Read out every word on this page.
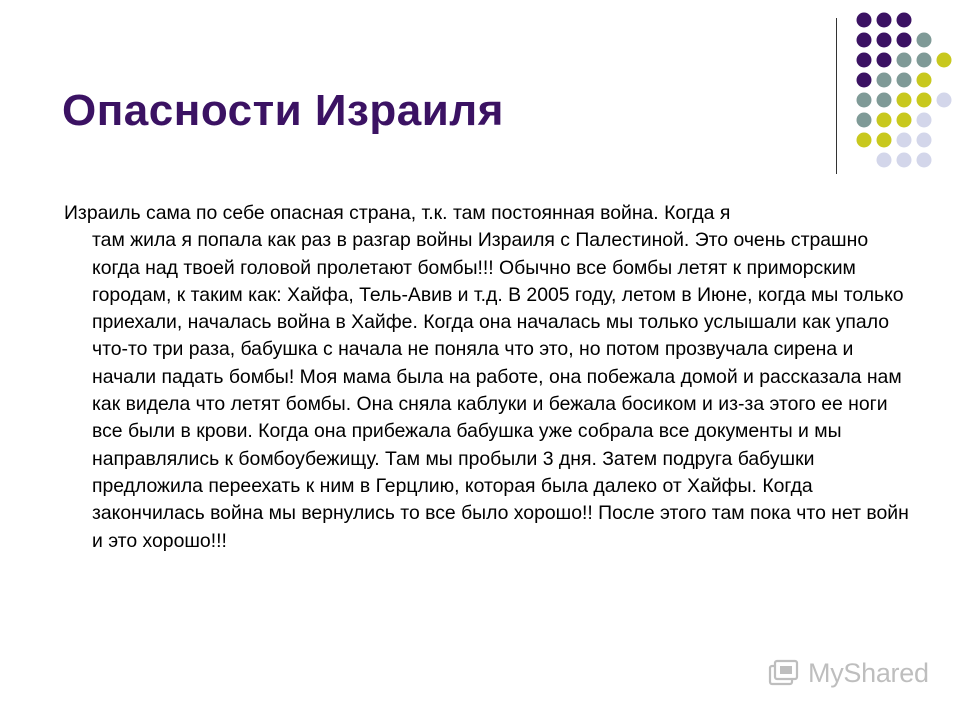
Опасности Израиля

Израиль сама по себе опасная страна, т.к. там постоянная война. Когда я
там жила я попала как раз в разгар войны Израиля с Палестиной. Это очень страшно когда над твоей головой пролетают бомбы!!! Обычно все бомбы летят к приморским городам, к таким как: Хайфа, Тель-Авив и т.д. В 2005 году, летом в Июне, когда мы только приехали, началась война в Хайфе. Когда она началась мы только услышали как упало что-то три раза, бабушка с начала не поняла что это, но потом прозвучала сирена и начали падать бомбы! Моя мама была на работе, она побежала домой и рассказала нам как видела что летят бомбы. Она сняла каблуки и бежала босиком и из-за этого ее ноги все были в крови. Когда она прибежала бабушка уже собрала все документы и мы направлялись к бомбоубежищу. Там мы пробыли 3 дня. Затем подруга бабушки предложила переехать к ним в Герцлию, которая была далеко от Хайфы. Когда закончилась война мы вернулись то все было хорошо!! После этого там пока что нет войн и это хорошо!!!

MyShared
